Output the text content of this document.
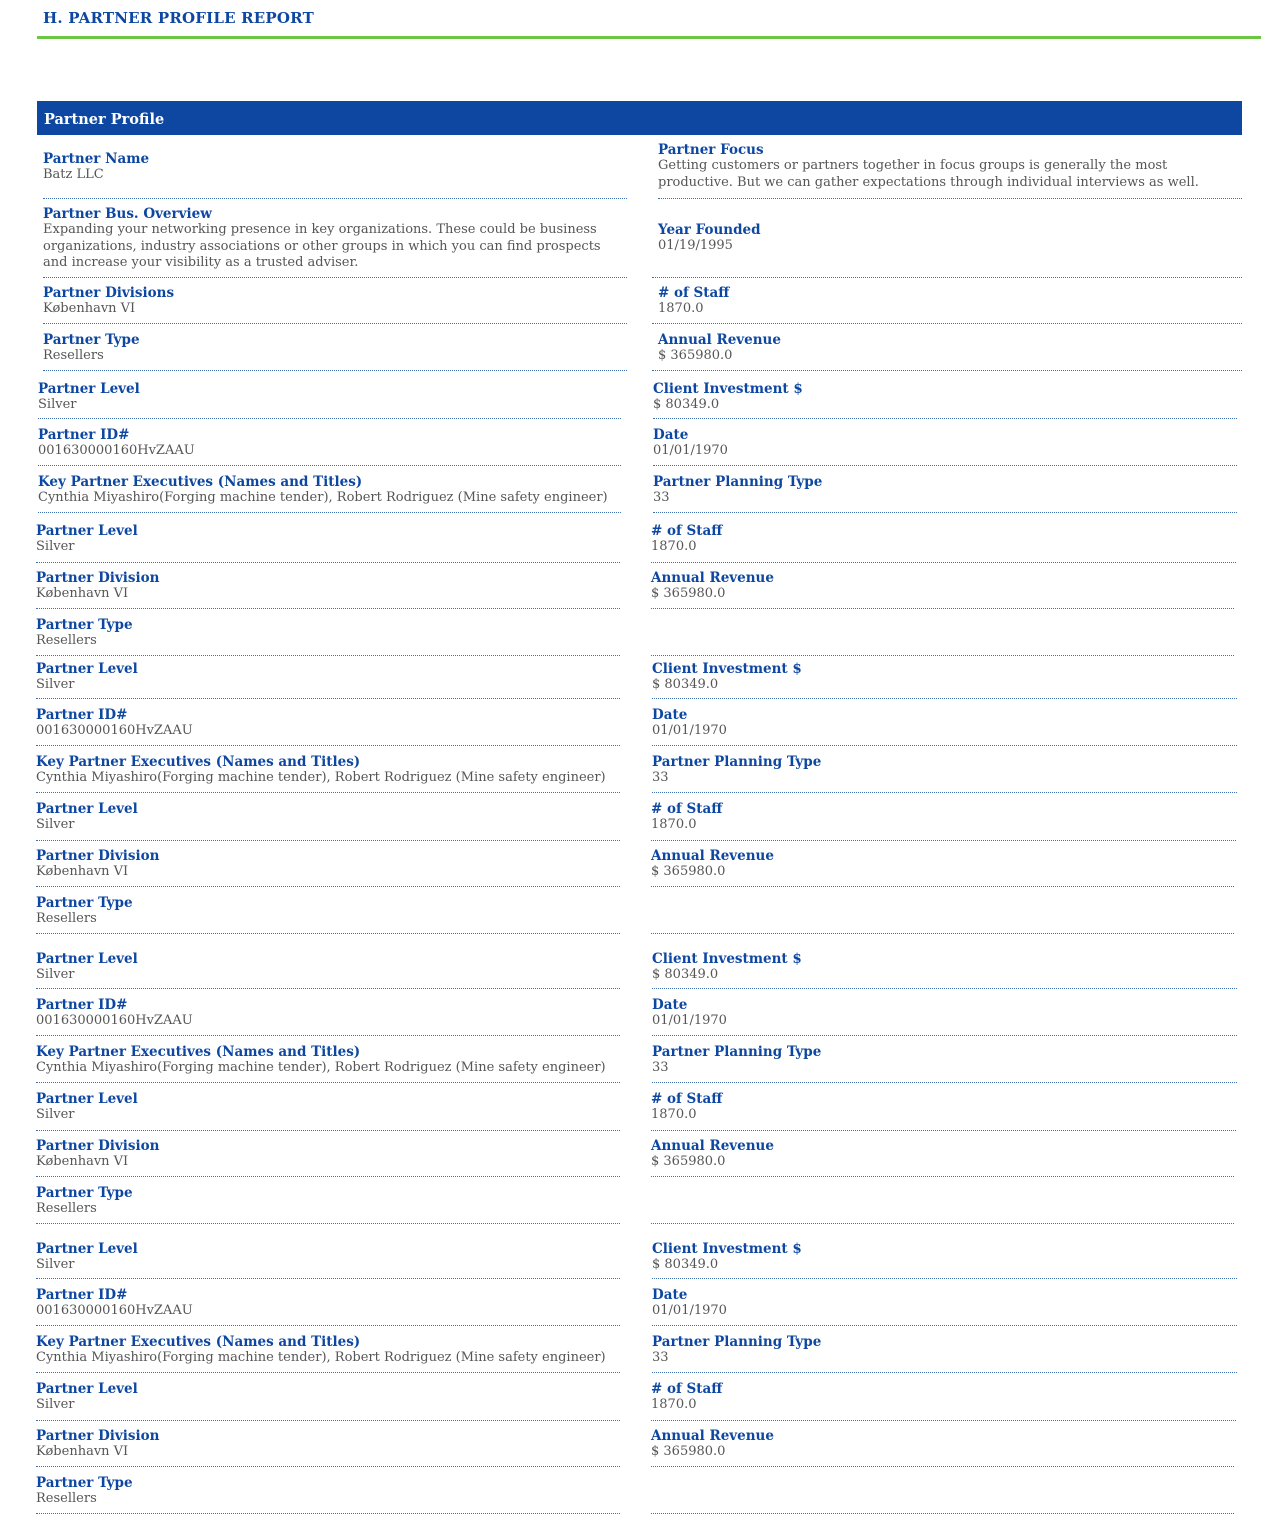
H. PARTNER PROFILE REPORT
Partner Profile
Partner Name
Batz LLC
Partner Focus
Getting customers or partners together in focus groups is generally the most productive. But we can gather expectations through individual interviews as well.
Partner Bus. Overview
Expanding your networking presence in key organizations. These could be business organizations, industry associations or other groups in which you can find prospects and increase your visibility as a trusted adviser.
Year Founded
01/19/1995
Partner Divisions
København VI
# of Staff
1870.0
Partner Type
Resellers
Annual Revenue
$ 365980.0
Partner Level
Silver
Client Investment $
$ 80349.0
Partner ID#
001630000160HvZAAU
Date
01/01/1970
Key Partner Executives (Names and Titles)
Cynthia Miyashiro(Forging machine tender), Robert Rodriguez (Mine safety engineer)
Partner Planning Type
33
Partner Level
Silver
# of Staff
1870.0
Partner Division
København VI
Annual Revenue
$ 365980.0
Partner Type
Resellers
Partner Level
Silver
Client Investment $
$ 80349.0
Partner ID#
001630000160HvZAAU
Date
01/01/1970
Key Partner Executives (Names and Titles)
Cynthia Miyashiro(Forging machine tender), Robert Rodriguez (Mine safety engineer)
Partner Planning Type
33
Partner Level
Silver
# of Staff
1870.0
Partner Division
København VI
Annual Revenue
$ 365980.0
Partner Type
Resellers
Partner Level
Silver
Client Investment $
$ 80349.0
Partner ID#
001630000160HvZAAU
Date
01/01/1970
Key Partner Executives (Names and Titles)
Cynthia Miyashiro(Forging machine tender), Robert Rodriguez (Mine safety engineer)
Partner Planning Type
33
Partner Level
Silver
# of Staff
1870.0
Partner Division
København VI
Annual Revenue
$ 365980.0
Partner Type
Resellers
Partner Level
Silver
Client Investment $
$ 80349.0
Partner ID#
001630000160HvZAAU
Date
01/01/1970
Key Partner Executives (Names and Titles)
Cynthia Miyashiro(Forging machine tender), Robert Rodriguez (Mine safety engineer)
Partner Planning Type
33
Partner Level
Silver
# of Staff
1870.0
Partner Division
København VI
Annual Revenue
$ 365980.0
Partner Type
Resellers
